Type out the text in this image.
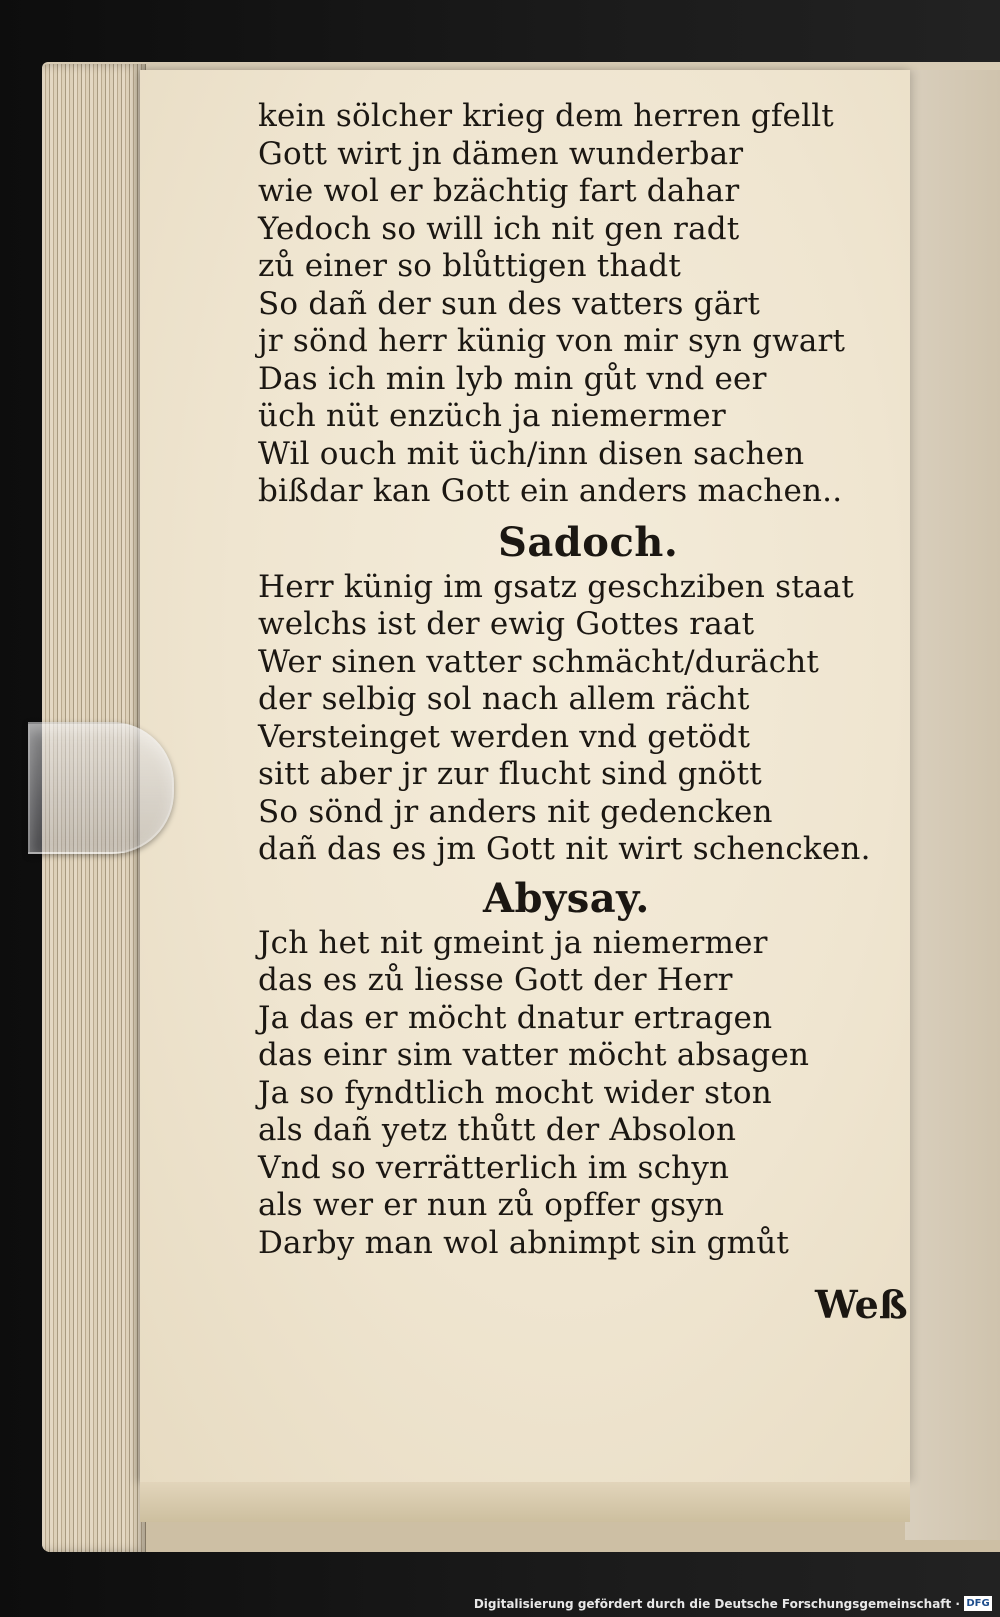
kein sölcher krieg dem herren gfellt
Gott wirt jn dämen wunderbar
wie wol er bzächtig fart dahar
Yedoch so will ich nit gen radt
zů einer so blůttigen thadt
So dañ der sun des vatters gärt
jr sönd herr künig von mir syn gwart
Das ich min lyb min gůt vnd eer
üch nüt enzüch ja niemermer
Wil ouch mit üch/inn disen sachen
bißdar kan Gott ein anders machen..
Sadoch.
Herr künig im gsatz geschziben staat
welchs ist der ewig Gottes raat
Wer sinen vatter schmächt/durächt
der selbig sol nach allem rächt
Versteinget werden vnd getödt
sitt aber jr zur flucht sind gnött
So sönd jr anders nit gedencken
dañ das es jm Gott nit wirt schencken.
Abysay.
Jch het nit gmeint ja niemermer
das es zů liesse Gott der Herr
Ja das er möcht dnatur ertragen
das einr sim vatter möcht absagen
Ja so fyndtlich mocht wider ston
als dañ yetz thůtt der Absolon
Vnd so verrätterlich im schyn
als wer er nun zů opffer gsyn
Darby man wol abnimpt sin gmůt
Weß
Digitalisierung gefördert durch die Deutsche Forschungsgemeinschaft · DFG
